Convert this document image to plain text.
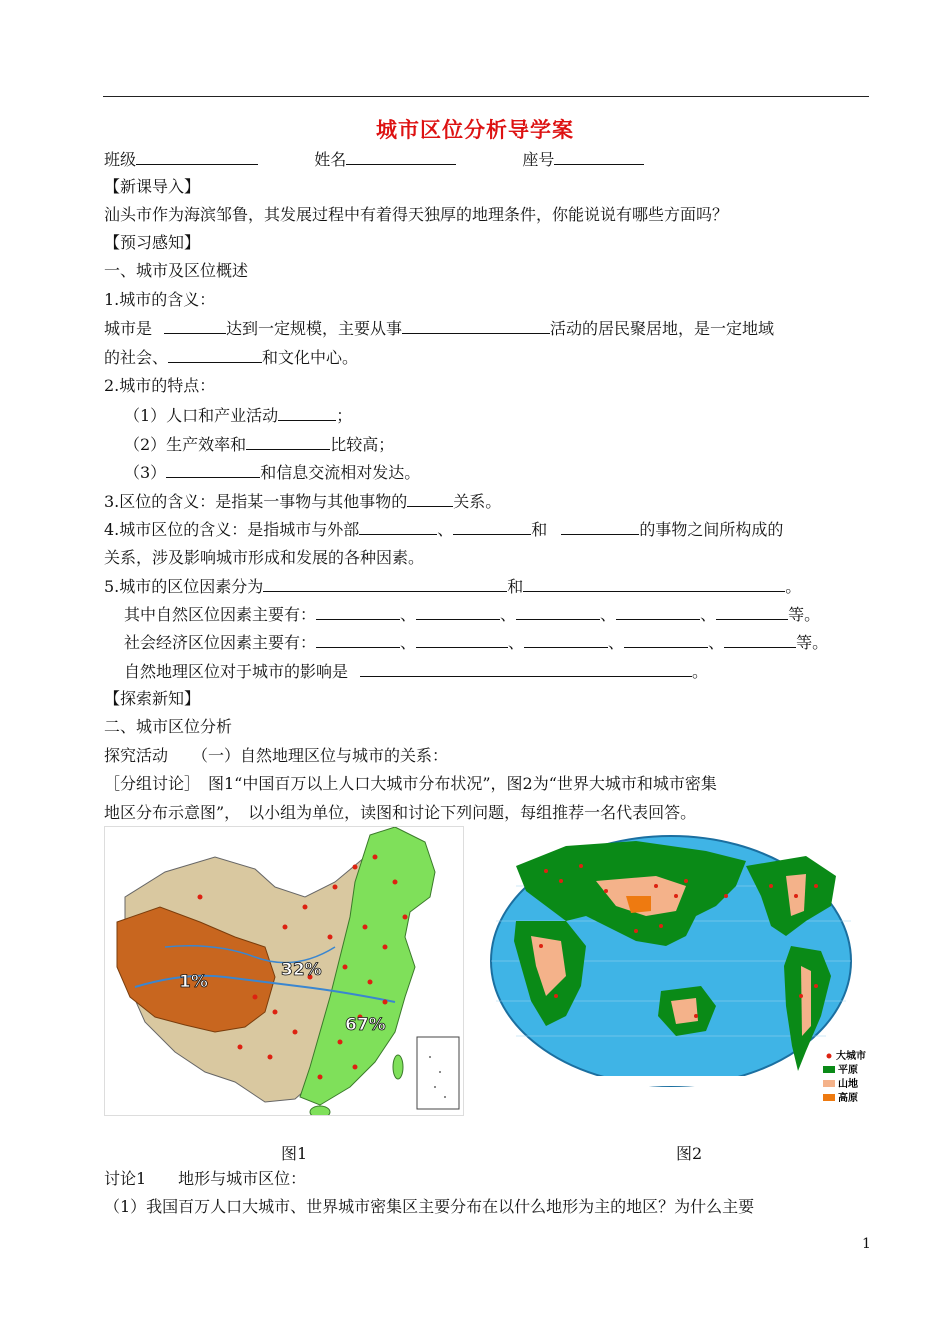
城市区位分析导学案
班级	姓名	座号
【新课导入】
汕头市作为海滨邹鲁，其发展过程中有着得天独厚的地理条件，你能说说有哪些方面吗？
【预习感知】
一、城市及区位概述
1.城市的含义：
城市是	达到一定规模，主要从事	活动的居民聚居地，是一定地域
的社会、	和文化中心。
2.城市的特点：
（1）人口和产业活动	；
（2）生产效率和	比较高；
（3）	和信息交流相对发达。
3.区位的含义：是指某一事物与其他事物的	关系。
4.城市区位的含义：是指城市与外部	、	和	的事物之间所构成的
关系，涉及影响城市形成和发展的各种因素。
5.城市的区位因素分为	和	。
其中自然区位因素主要有：	、	、	、	、	等。
社会经济区位因素主要有：	、	、	、	、	等。
自然地理区位对于城市的影响是	。
【探索新知】
二、城市区位分析
探究活动　　（一）自然地理区位与城市的关系：
［分组讨论］　图1“中国百万以上人口大城市分布状况”，图2为“世界大城市和城市密集
地区分布示意图”，　以小组为单位，读图和讨论下列问题，每组推荐一名代表回答。
1%
32%
67%
大城市
平原
山地
高原
图1	图2
讨论1　　地形与城市区位：
（1）我国百万人口大城市、世界城市密集区主要分布在以什么地形为主的地区？为什么主要
1
